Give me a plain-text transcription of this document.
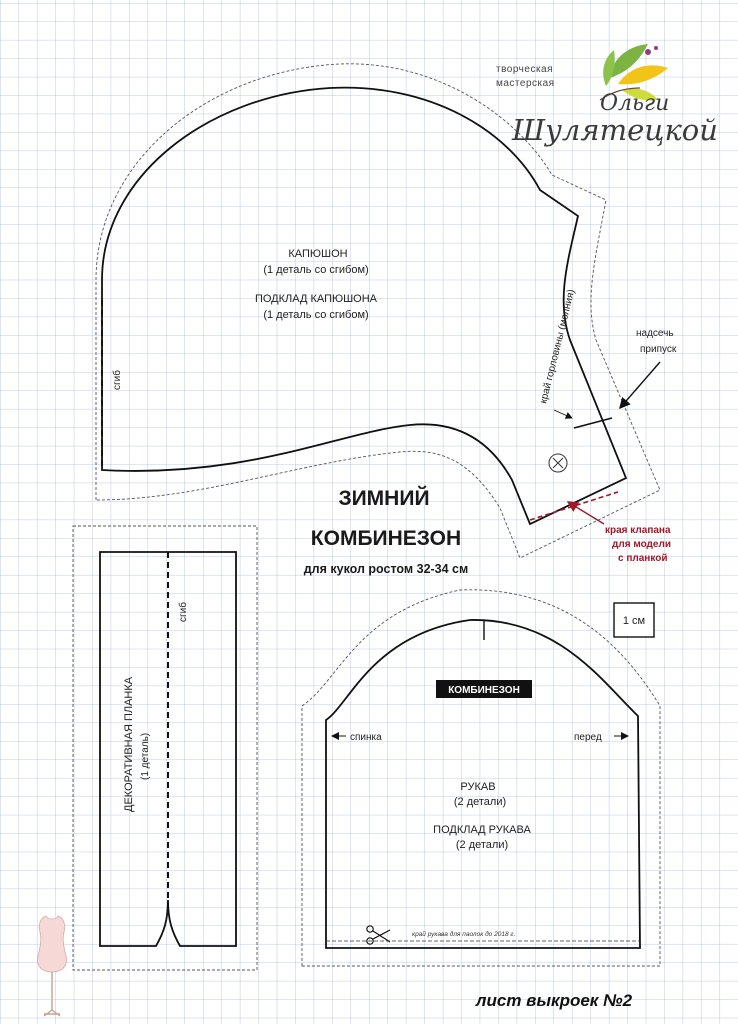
творческая
мастерская
Ольги
Шулятецкой
сгиб
КАПЮШОН
(1 деталь со сгибом)
ПОДКЛАД КАПЮШОНА
(1 деталь со сгибом)	край горловины (молния)	надсечь
припуск
края клапана
для модели
с планкой
ЗИМНИЙ
КОМБИНЕЗОН
для кукол ростом 32-34 см
1 см
сгиб
ДЕКОРАТИВНАЯ ПЛАНКА (1 деталь)
КОМБИНЕЗОН
спинка	перед
РУКАВ
(2 детали)
ПОДКЛАД РУКАВА
(2 детали)
край рукава для паолок до 2018 г.
лист выкроек №2
